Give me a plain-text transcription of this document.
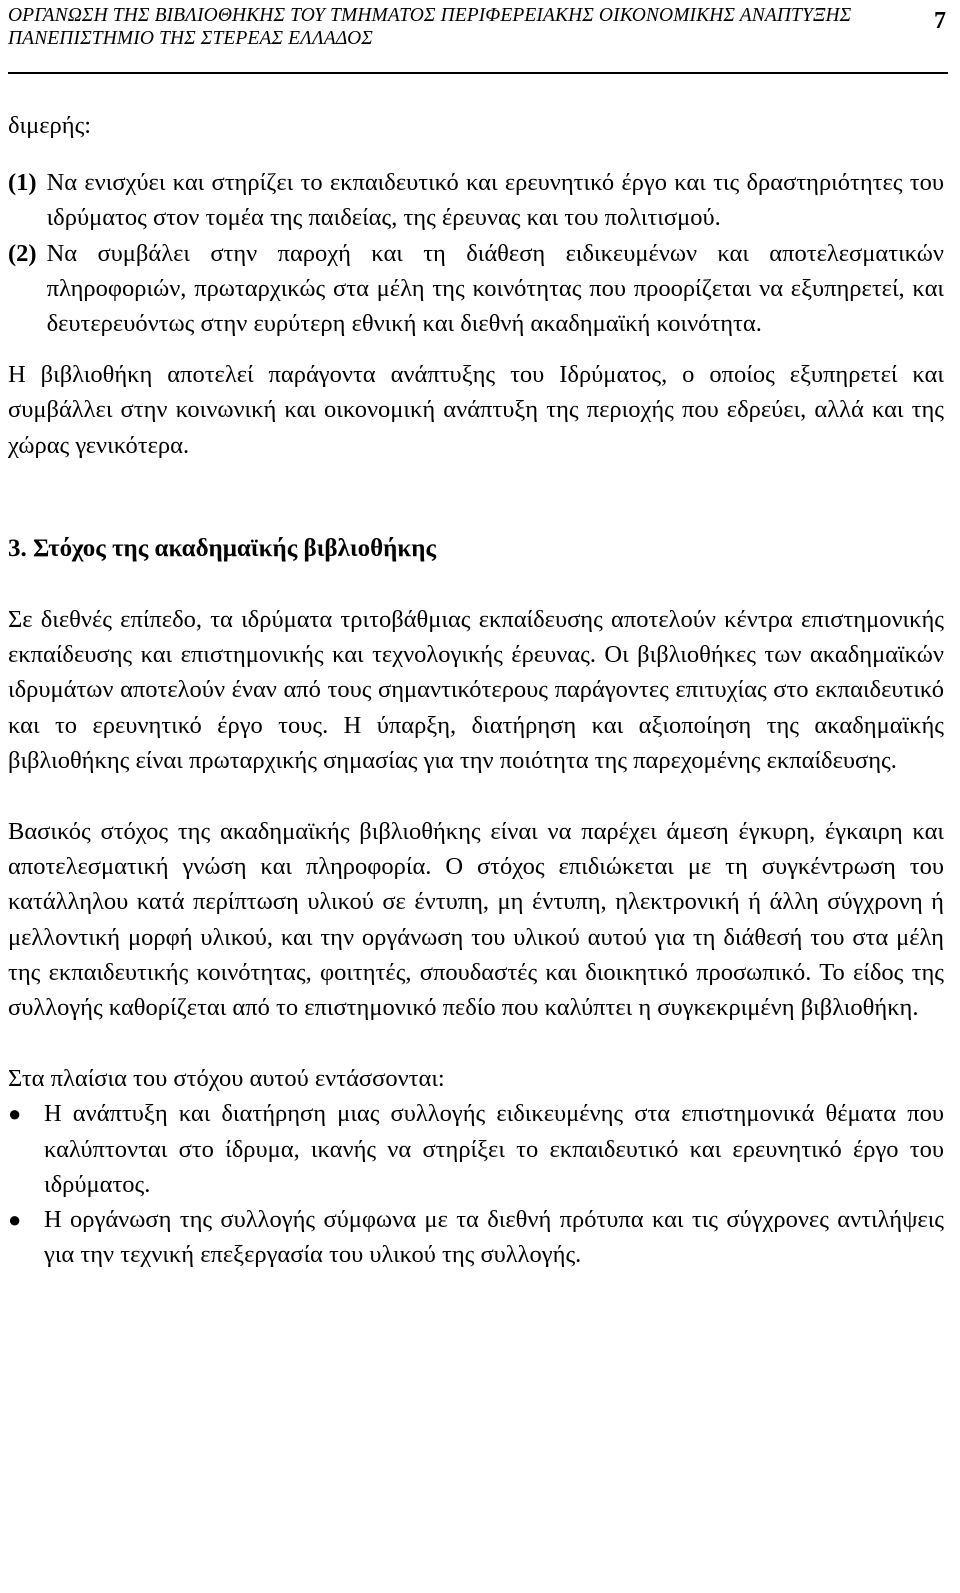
ΟΡΓΑΝΩΣΗ ΤΗΣ ΒΙΒΛΙΟΘΗΚΗΣ ΤΟΥ ΤΜΗΜΑΤΟΣ ΠΕΡΙΦΕΡΕΙΑΚΗΣ ΟΙΚΟΝΟΜΙΚΗΣ ΑΝΑΠΤΥΞΗΣ
ΠΑΝΕΠΙΣΤΗΜΙΟ ΤΗΣ ΣΤΕΡΕΑΣ ΕΛΛΑΔΟΣ
7

διμερής:

(1) Να ενισχύει και στηρίζει το εκπαιδευτικό και ερευνητικό έργο και τις δραστηριότητες του ιδρύματος στον τομέα της παιδείας, της έρευνας και του πολιτισμού.
(2) Να συμβάλει στην παροχή και τη διάθεση ειδικευμένων και αποτελεσματικών πληροφοριών, πρωταρχικώς στα μέλη της κοινότητας που προορίζεται να εξυπηρετεί, και δευτερευόντως στην ευρύτερη εθνική και διεθνή ακαδημαϊκή κοινότητα.

Η βιβλιοθήκη αποτελεί παράγοντα ανάπτυξης του Ιδρύματος, ο οποίος εξυπηρετεί και συμβάλλει στην κοινωνική και οικονομική ανάπτυξη της περιοχής που εδρεύει, αλλά και της χώρας γενικότερα.

3. Στόχος της ακαδημαϊκής βιβλιοθήκης

Σε διεθνές επίπεδο, τα ιδρύματα τριτοβάθμιας εκπαίδευσης αποτελούν κέντρα επιστημονικής εκπαίδευσης και επιστημονικής και τεχνολογικής έρευνας. Οι βιβλιοθήκες των ακαδημαϊκών ιδρυμάτων αποτελούν έναν από τους σημαντικότερους παράγοντες επιτυχίας στο εκπαιδευτικό και το ερευνητικό έργο τους. Η ύπαρξη, διατήρηση και αξιοποίηση της ακαδημαϊκής βιβλιοθήκης είναι πρωταρχικής σημασίας για την ποιότητα της παρεχομένης εκπαίδευσης.

Βασικός στόχος της ακαδημαϊκής βιβλιοθήκης είναι να παρέχει άμεση έγκυρη, έγκαιρη και αποτελεσματική γνώση και πληροφορία. Ο στόχος επιδιώκεται με τη συγκέντρωση του κατάλληλου κατά περίπτωση υλικού σε έντυπη, μη έντυπη, ηλεκτρονική ή άλλη σύγχρονη ή μελλοντική μορφή υλικού, και την οργάνωση του υλικού αυτού για τη διάθεσή του στα μέλη της εκπαιδευτικής κοινότητας, φοιτητές, σπουδαστές και διοικητικό προσωπικό. Το είδος της συλλογής καθορίζεται από το επιστημονικό πεδίο που καλύπτει η συγκεκριμένη βιβλιοθήκη.

Στα πλαίσια του στόχου αυτού εντάσσονται:

● Η ανάπτυξη και διατήρηση μιας συλλογής ειδικευμένης στα επιστημονικά θέματα που καλύπτονται στο ίδρυμα, ικανής να στηρίξει το εκπαιδευτικό και ερευνητικό έργο του ιδρύματος.
● Η οργάνωση της συλλογής σύμφωνα με τα διεθνή πρότυπα και τις σύγχρονες αντιλήψεις για την τεχνική επεξεργασία του υλικού της συλλογής.
